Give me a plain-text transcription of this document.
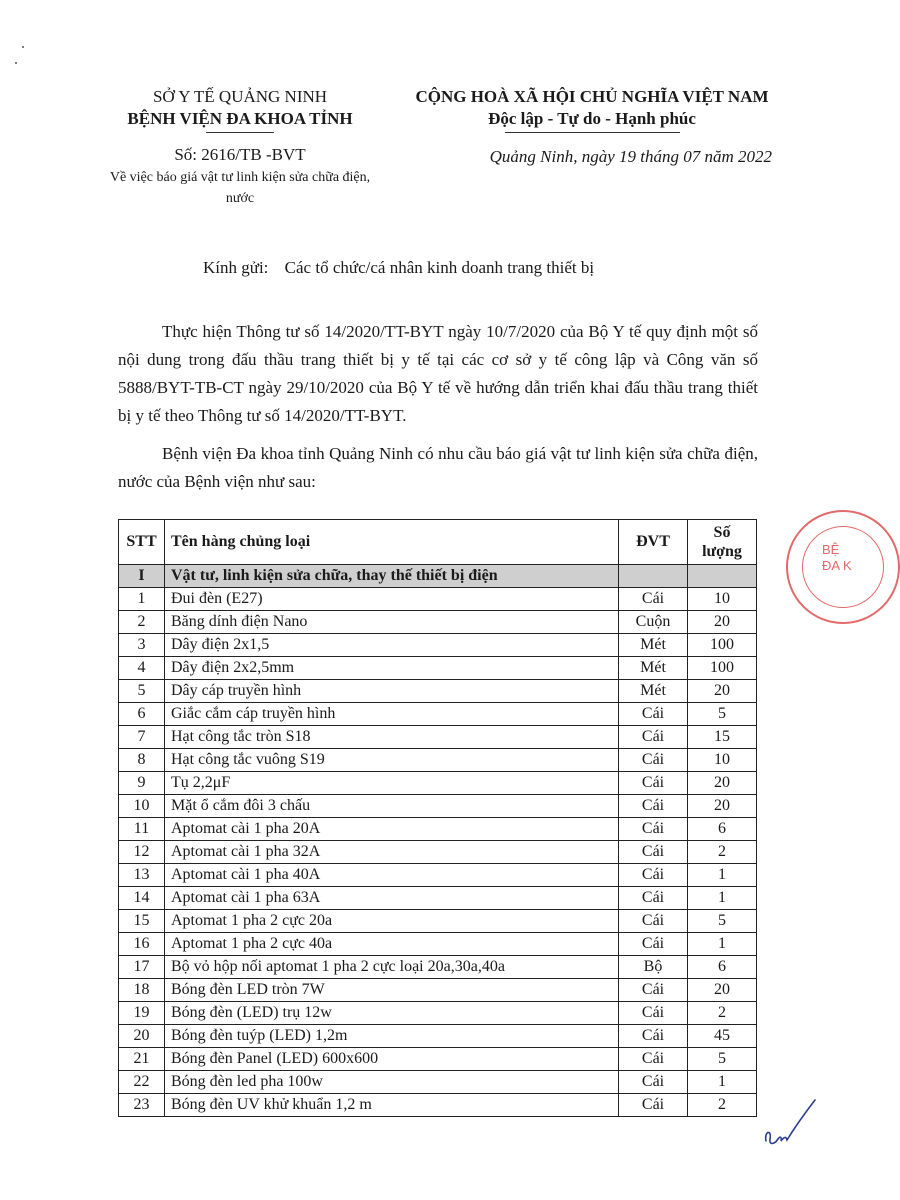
SỞ Y TẾ QUẢNG NINH
BỆNH VIỆN ĐA KHOA TỈNH
Số: 2616/TB -BVT
Về việc báo giá vật tư linh kiện sửa chữa điện,
nước
CỘNG HOÀ XÃ HỘI CHỦ NGHĨA VIỆT NAM
Độc lập - Tự do - Hạnh phúc
Quảng Ninh, ngày 19 tháng 07 năm 2022
Kính gửi: Các tổ chức/cá nhân kinh doanh trang thiết bị

Thực hiện Thông tư số 14/2020/TT-BYT ngày 10/7/2020 của Bộ Y tế quy định một số nội dung trong đấu thầu trang thiết bị y tế tại các cơ sở y tế công lập và Công văn số 5888/BYT-TB-CT ngày 29/10/2020 của Bộ Y tế về hướng dẫn triển khai đấu thầu trang thiết bị y tế theo Thông tư số 14/2020/TT-BYT.

Bệnh viện Đa khoa tỉnh Quảng Ninh có nhu cầu báo giá vật tư linh kiện sửa chữa điện, nước của Bệnh viện như sau:

STT	Tên hàng chủng loại	ĐVT	Số
lượng

I	Vật tư, linh kiện sửa chữa, thay thế thiết bị điện		
1	Đui đèn (E27)	Cái	10
2	Băng dính điện Nano	Cuộn	20
3	Dây điện 2x1,5	Mét	100
4	Dây điện 2x2,5mm	Mét	100
5	Dây cáp truyền hình	Mét	20
6	Giắc cắm cáp truyền hình	Cái	5
7	Hạt công tắc tròn S18	Cái	15
8	Hạt công tắc vuông S19	Cái	10
9	Tụ 2,2μF	Cái	20
10	Mặt ổ cắm đôi 3 chấu	Cái	20
11	Aptomat cài 1 pha 20A	Cái	6
12	Aptomat cài 1 pha 32A	Cái	2
13	Aptomat cài 1 pha 40A	Cái	1
14	Aptomat cài 1 pha 63A	Cái	1
15	Aptomat 1 pha 2 cực 20a	Cái	5
16	Aptomat 1 pha 2 cực 40a	Cái	1
17	Bộ vỏ hộp nối aptomat 1 pha 2 cực loại 20a,30a,40a	Bộ	6
18	Bóng đèn LED tròn 7W	Cái	20
19	Bóng đèn (LED) trụ 12w	Cái	2
20	Bóng đèn tuýp (LED) 1,2m	Cái	45
21	Bóng đèn Panel (LED) 600x600	Cái	5
22	Bóng đèn led pha 100w	Cái	1
23	Bóng đèn UV khử khuẩn 1,2 m	Cái	2
BỆ
ĐA K
